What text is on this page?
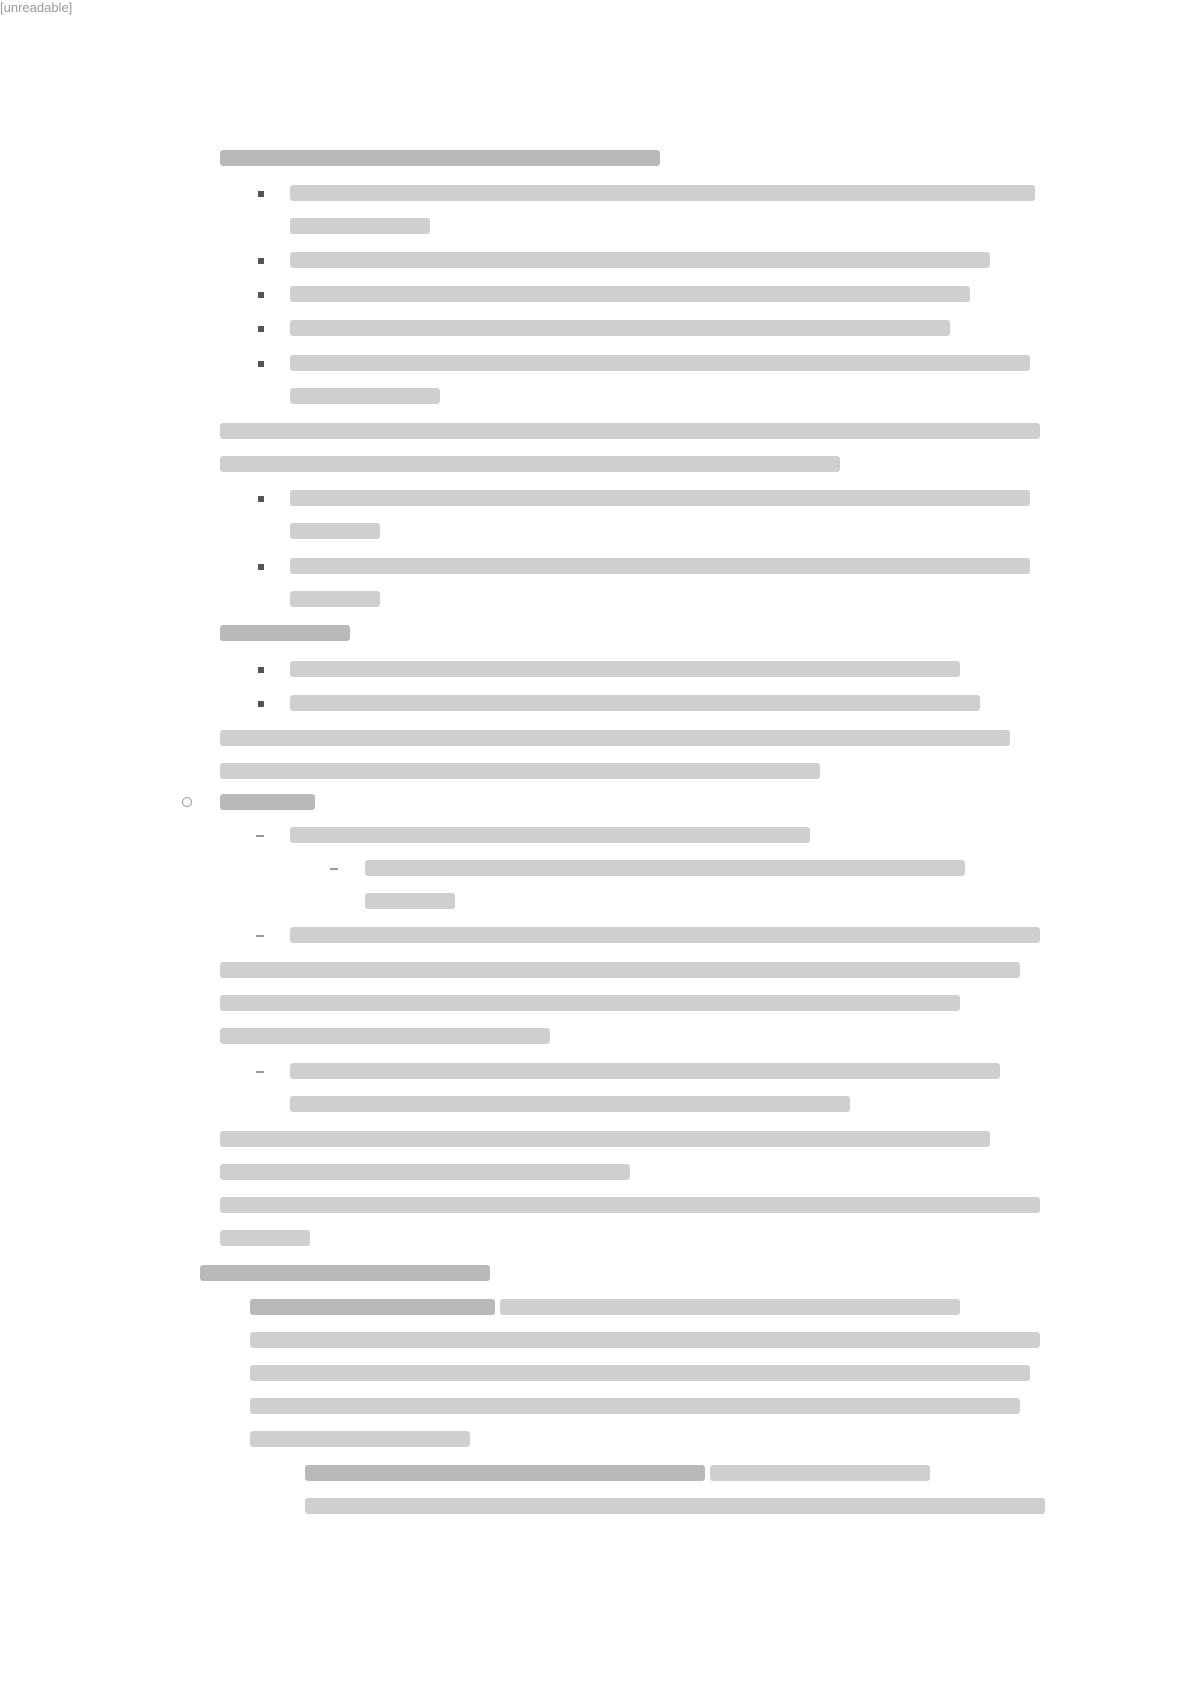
[unreadable]
